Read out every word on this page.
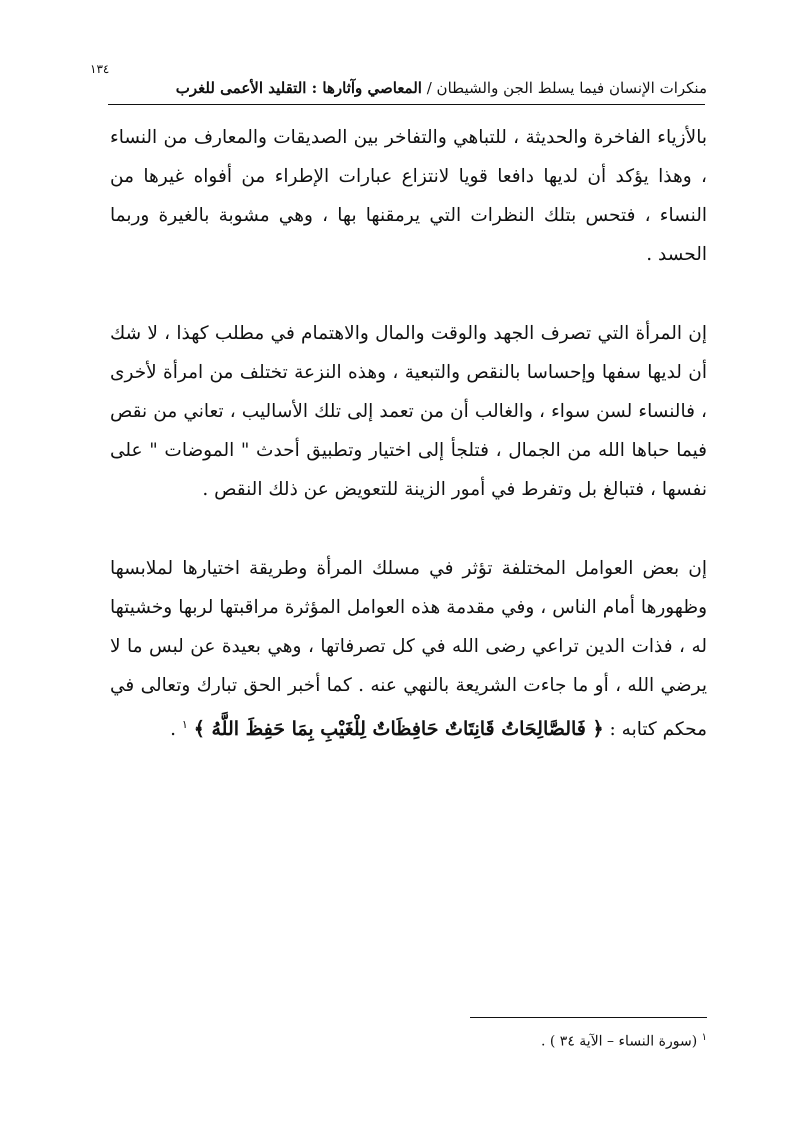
١٣٤
منكرات الإنسان فيما يسلط الجن والشيطان / المعاصي وآثارها : التقليد الأعمى للغرب

بالأزياء الفاخرة والحديثة ، للتباهي والتفاخر بين الصديقات والمعارف من النساء ، وهذا يؤكد أن لديها دافعا قويا لانتزاع عبارات الإطراء من أفواه غيرها من النساء ، فتحس بتلك النظرات التي يرمقنها بها ، وهي مشوبة بالغيرة وربما الحسد .

إن المرأة التي تصرف الجهد والوقت والمال والاهتمام في مطلب كهذا ، لا شك أن لديها سفها وإحساسا بالنقص والتبعية ، وهذه النزعة تختلف من امرأة لأخرى ، فالنساء لسن سواء ، والغالب أن من تعمد إلى تلك الأساليب ، تعاني من نقص فيما حباها الله من الجمال ، فتلجأ إلى اختيار وتطبيق أحدث " الموضات " على نفسها ، فتبالغ بل وتفرط في أمور الزينة للتعويض عن ذلك النقص .

إن بعض العوامل المختلفة تؤثر في مسلك المرأة وطريقة اختيارها لملابسها وظهورها أمام الناس ، وفي مقدمة هذه العوامل المؤثرة مراقبتها لربها وخشيتها له ، فذات الدين تراعي رضى الله في كل تصرفاتها ، وهي بعيدة عن لبس ما لا يرضي الله ، أو ما جاءت الشريعة بالنهي عنه . كما أخبر الحق تبارك وتعالى في محكم كتابه : ﴿ فَالصَّالِحَاتُ قَانِتَاتٌ حَافِظَاتٌ لِلْغَيْبِ بِمَا حَفِظَ اللَّهُ ﴾ $^١$ .

$^١$ (سورة النساء – الآية ٣٤ ) .
